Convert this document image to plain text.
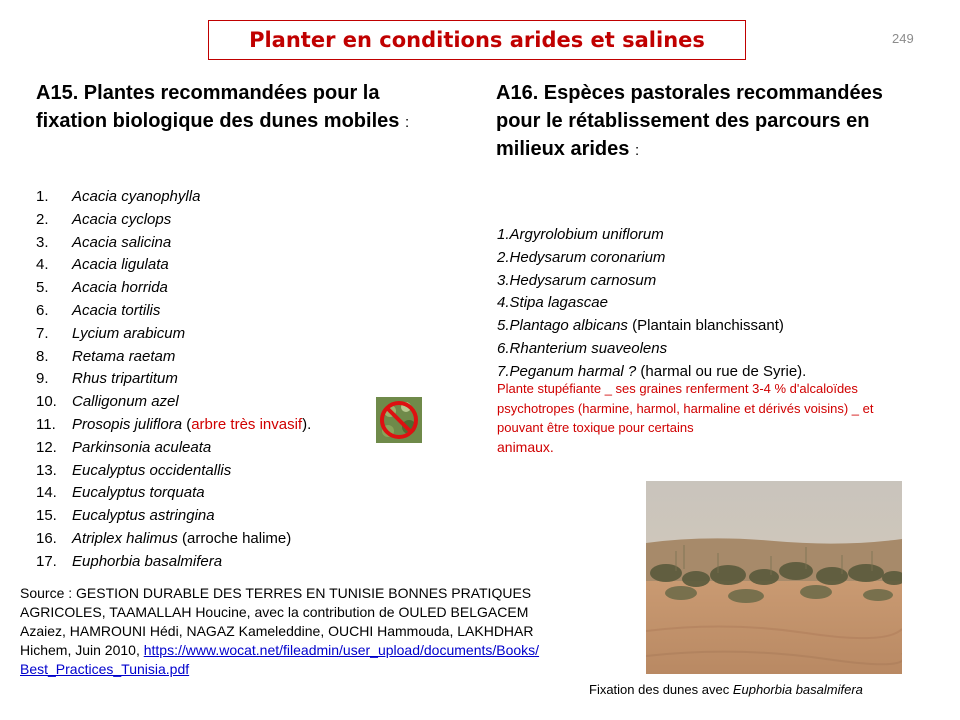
Planter en conditions arides et salines	249
A15. Plantes recommandées pour la fixation biologique des dunes mobiles :
1.	Acacia cyanophylla
2.	Acacia cyclops
3.	Acacia salicina
4.	Acacia ligulata
5.	Acacia horrida
6.	Acacia tortilis
7.	Lycium arabicum
8.	Retama raetam
9.	Rhus tripartitum
10.	Calligonum azel
11.	Prosopis juliflora (arbre très invasif).
12.	Parkinsonia aculeata
13.	Eucalyptus occidentallis
14.	Eucalyptus torquata
15.	Eucalyptus astringina
16.	Atriplex halimus (arroche halime)
17.	Euphorbia basalmifera
A16. Espèces pastorales recommandées pour le rétablissement des parcours en milieux arides :
1.Argyrolobium uniflorum
2.Hedysarum coronarium
3.Hedysarum carnosum
4.Stipa lagascae
5.Plantago albicans (Plantain blanchissant)
6.Rhanterium suaveolens
7.Peganum harmal ? (harmal ou rue de Syrie).
Plante stupéfiante _ ses graines renferment 3-4 % d'alcaloïdes psychotropes (harmine, harmol, harmaline et dérivés voisins) _ et pouvant être toxique pour certains
animaux.
Source : GESTION DURABLE DES TERRES EN TUNISIE BONNES PRATIQUES AGRICOLES, TAAMALLAH Houcine, avec la contribution de OULED BELGACEM Azaiez, HAMROUNI Hédi, NAGAZ Kameleddine, OUCHI Hammouda, LAKHDHAR Hichem, Juin 2010, https://www.wocat.net/fileadmin/user_upload/documents/Books/Best_Practices_Tunisia.pdf
Fixation des dunes avec Euphorbia basalmifera
